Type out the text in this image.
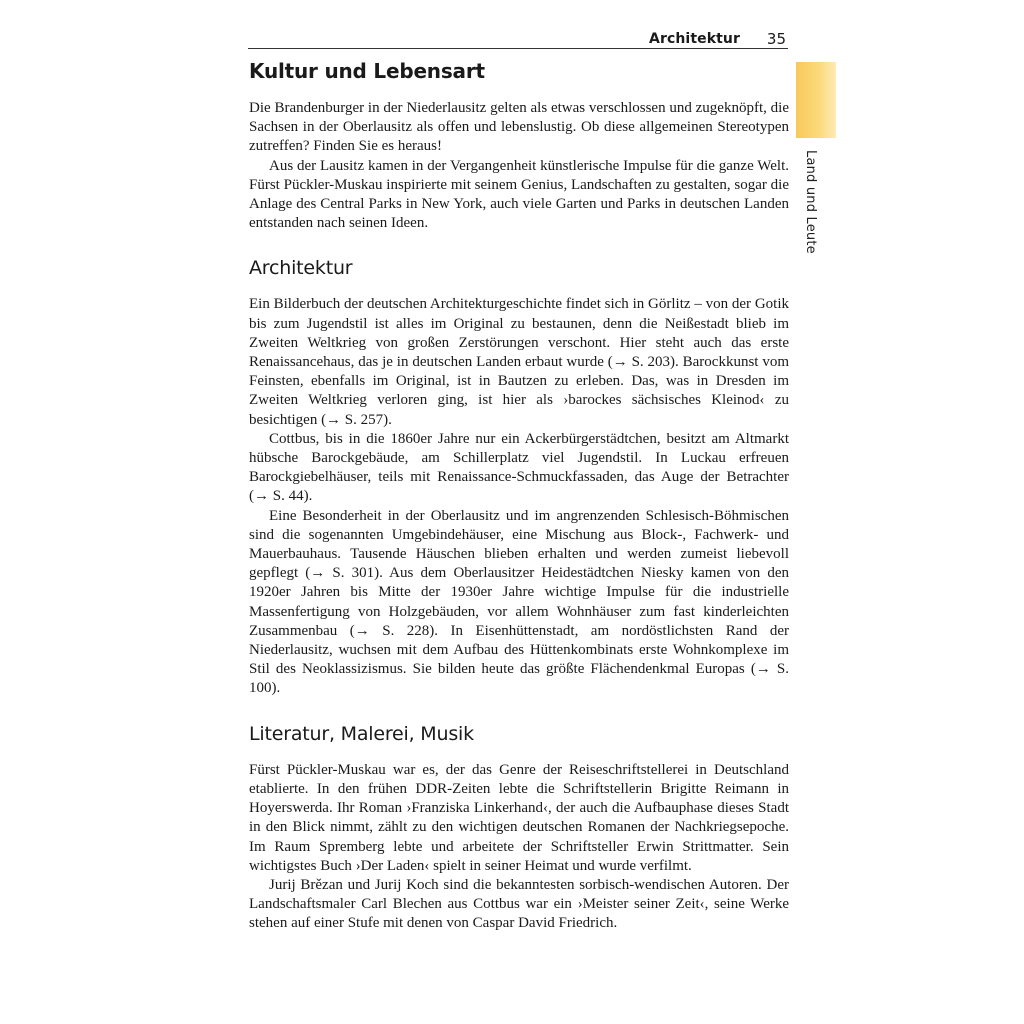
Architektur 35
Land und Leute
Kultur und Lebensart

Die Brandenburger in der Niederlausitz gelten als etwas verschlossen und zugeknöpft, die Sachsen in der Oberlausitz als offen und lebenslustig. Ob diese allgemeinen Stereotypen zutreffen? Finden Sie es heraus!

Aus der Lausitz kamen in der Vergangenheit künstlerische Impulse für die ganze Welt. Fürst Pückler-Muskau inspirierte mit seinem Genius, Landschaften zu gestalten, sogar die Anlage des Central Parks in New York, auch viele Garten und Parks in deutschen Landen entstanden nach seinen Ideen.

Architektur

Ein Bilderbuch der deutschen Architekturgeschichte findet sich in Görlitz – von der Gotik bis zum Jugendstil ist alles im Original zu bestaunen, denn die Neißestadt blieb im Zweiten Weltkrieg von großen Zerstörungen verschont. Hier steht auch das erste Renaissancehaus, das je in deutschen Landen erbaut wurde (→ S. 203). Barockkunst vom Feinsten, ebenfalls im Original, ist in Bautzen zu erleben. Das, was in Dresden im Zweiten Weltkrieg verloren ging, ist hier als ›barockes sächsisches Kleinod‹ zu besichtigen (→ S. 257).

Cottbus, bis in die 1860er Jahre nur ein Ackerbürgerstädtchen, besitzt am Altmarkt hübsche Barockgebäude, am Schillerplatz viel Jugendstil. In Luckau erfreuen Barockgiebelhäuser, teils mit Renaissance-Schmuckfassaden, das Auge der Betrachter (→ S. 44).

Eine Besonderheit in der Oberlausitz und im angrenzenden Schlesisch-Böhmischen sind die sogenannten Umgebindehäuser, eine Mischung aus Block-, Fachwerk- und Mauerbauhaus. Tausende Häuschen blieben erhalten und werden zumeist liebevoll gepflegt (→ S. 301). Aus dem Oberlausitzer Heidestädtchen Niesky kamen von den 1920er Jahren bis Mitte der 1930er Jahre wichtige Impulse für die industrielle Massenfertigung von Holzgebäuden, vor allem Wohnhäuser zum fast kinderleichten Zusammenbau (→ S. 228). In Eisenhüttenstadt, am nordöstlichsten Rand der Niederlausitz, wuchsen mit dem Aufbau des Hüttenkombinats erste Wohnkomplexe im Stil des Neoklassizismus. Sie bilden heute das größte Flächendenkmal Europas (→ S. 100).

Literatur, Malerei, Musik

Fürst Pückler-Muskau war es, der das Genre der Reiseschriftstellerei in Deutschland etablierte. In den frühen DDR-Zeiten lebte die Schriftstellerin Brigitte Reimann in Hoyerswerda. Ihr Roman ›Franziska Linkerhand‹, der auch die Aufbauphase dieses Stadt in den Blick nimmt, zählt zu den wichtigen deutschen Romanen der Nachkriegsepoche. Im Raum Spremberg lebte und arbeitete der Schriftsteller Erwin Strittmatter. Sein wichtigstes Buch ›Der Laden‹ spielt in seiner Heimat und wurde verfilmt.

Jurij Brězan und Jurij Koch sind die bekanntesten sorbisch-wendischen Autoren. Der Landschaftsmaler Carl Blechen aus Cottbus war ein ›Meister seiner Zeit‹, seine Werke stehen auf einer Stufe mit denen von Caspar David Friedrich.
